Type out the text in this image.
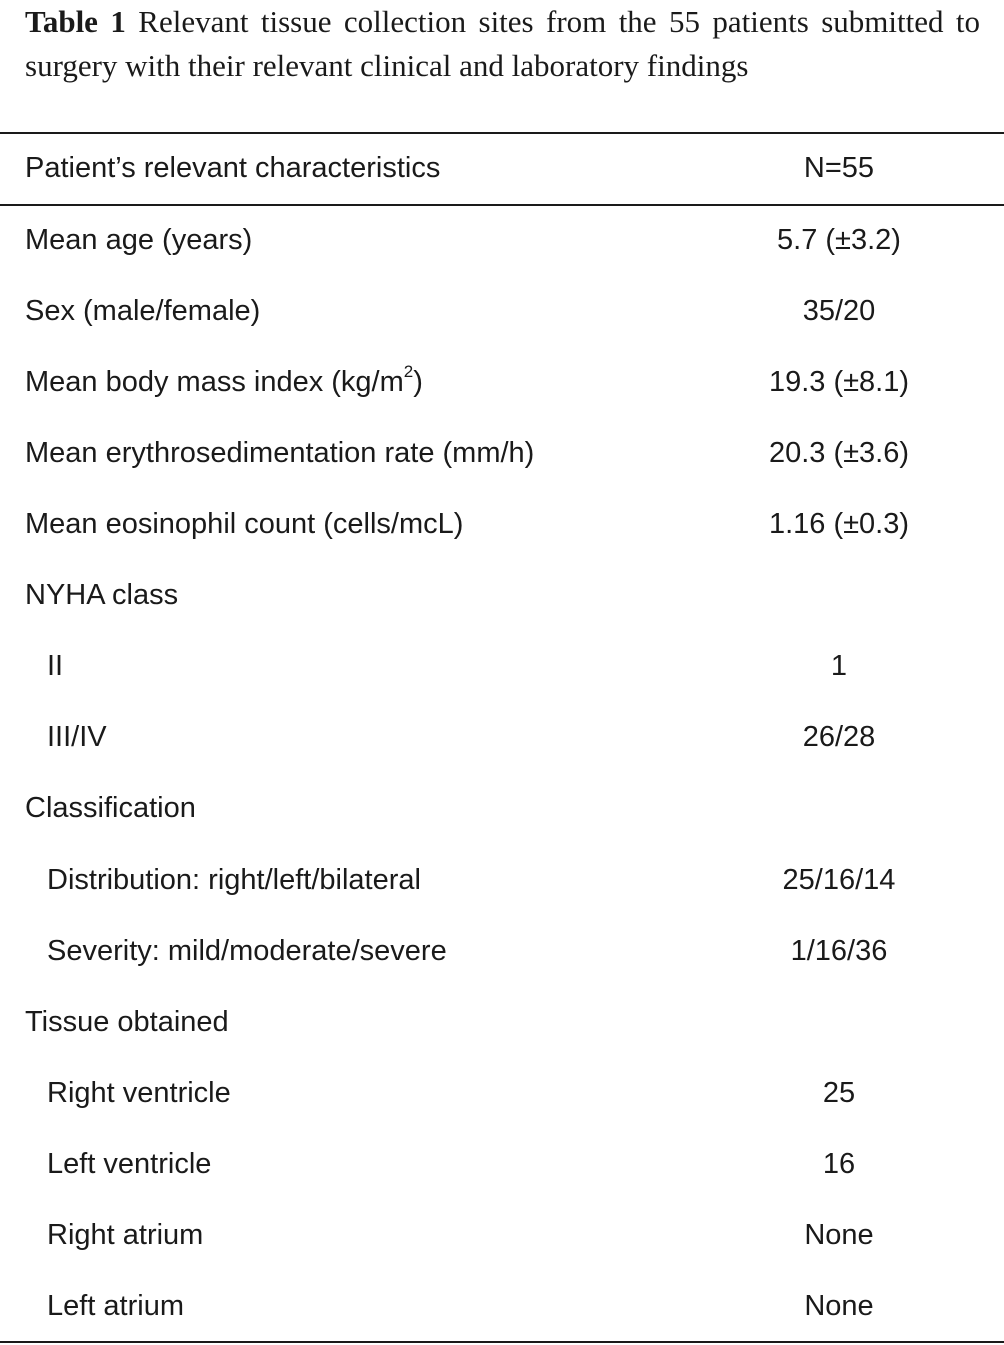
Table 1 Relevant tissue collection sites from the 55 patients submitted to surgery with their relevant clinical and laboratory findings
Patient’s relevant characteristics	N=55
Mean age (years)	5.7 (±3.2)
Sex (male/female)	35/20
Mean body mass index $(kg/m^2)$	19.3 (±8.1)
Mean erythrosedimentation rate (mm/h)	20.3 (±3.6)
Mean eosinophil count (cells/mcL)	1.16 (±0.3)
NYHA class
II	1
III/IV	26/28
Classification
Distribution: right/left/bilateral	25/16/14
Severity: mild/moderate/severe	1/16/36
Tissue obtained
Right ventricle	25
Left ventricle	16
Right atrium	None
Left atrium	None
